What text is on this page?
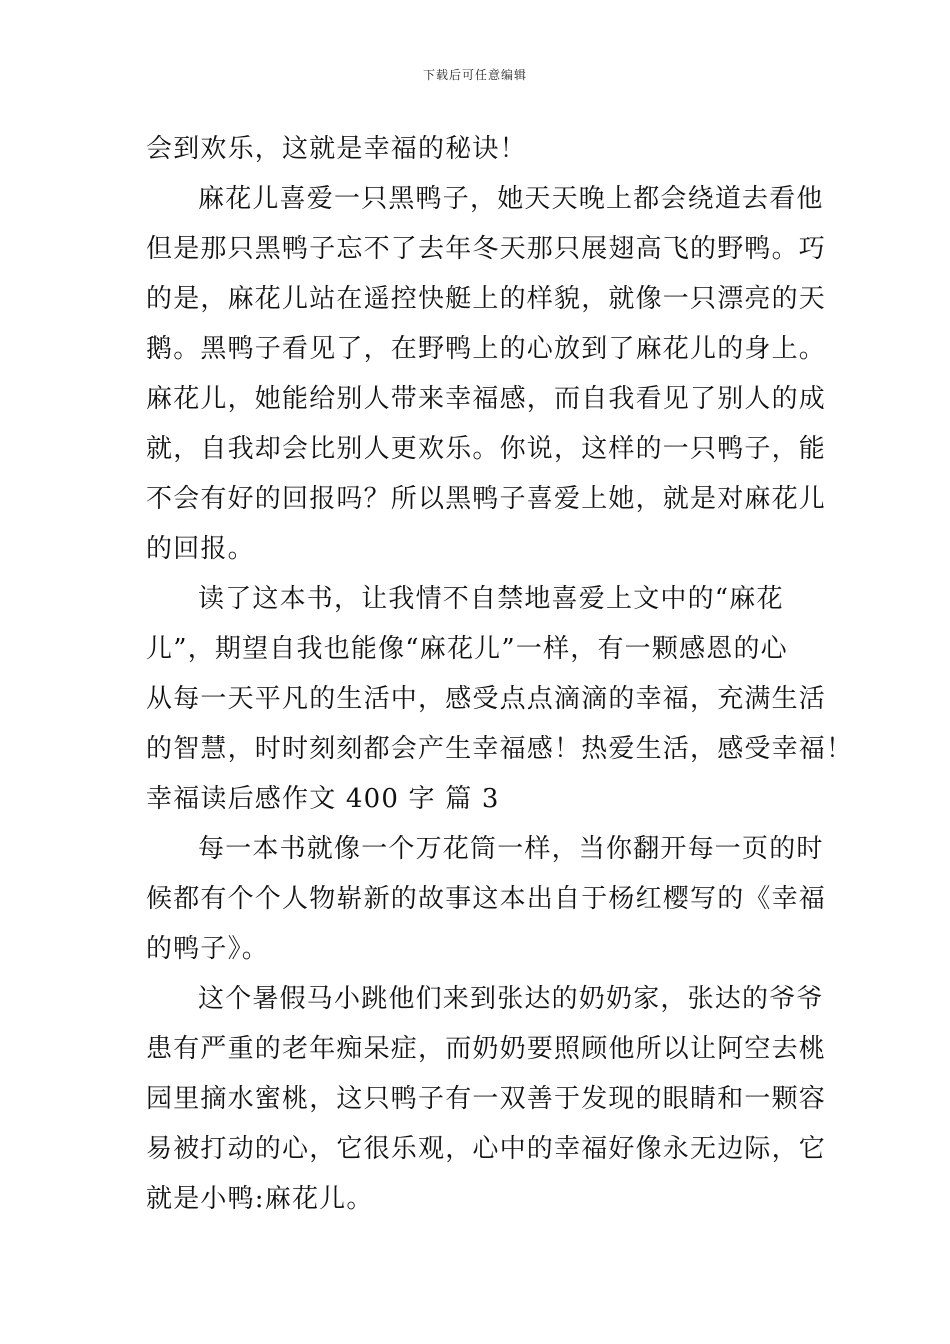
下载后可任意编辑
会到欢乐，这就是幸福的秘诀！
麻花儿喜爱一只黑鸭子，她天天晚上都会绕道去看他
但是那只黑鸭子忘不了去年冬天那只展翅高飞的野鸭。巧
的是，麻花儿站在遥控快艇上的样貌，就像一只漂亮的天
鹅。黑鸭子看见了，在野鸭上的心放到了麻花儿的身上。
麻花儿，她能给别人带来幸福感，而自我看见了别人的成
就，自我却会比别人更欢乐。你说，这样的一只鸭子，能
不会有好的回报吗？所以黑鸭子喜爱上她，就是对麻花儿
的回报。
读了这本书，让我情不自禁地喜爱上文中的“麻花
儿”，期望自我也能像“麻花儿”一样，有一颗感恩的心
从每一天平凡的生活中，感受点点滴滴的幸福，充满生活
的智慧，时时刻刻都会产生幸福感！热爱生活，感受幸福！
幸福读后感作文 400 字 篇 3
每一本书就像一个万花筒一样，当你翻开每一页的时
候都有个个人物崭新的故事这本出自于杨红樱写的《幸福
的鸭子》。
这个暑假马小跳他们来到张达的奶奶家，张达的爷爷
患有严重的老年痴呆症，而奶奶要照顾他所以让阿空去桃
园里摘水蜜桃，这只鸭子有一双善于发现的眼睛和一颗容
易被打动的心，它很乐观，心中的幸福好像永无边际，它
就是小鸭:麻花儿。
